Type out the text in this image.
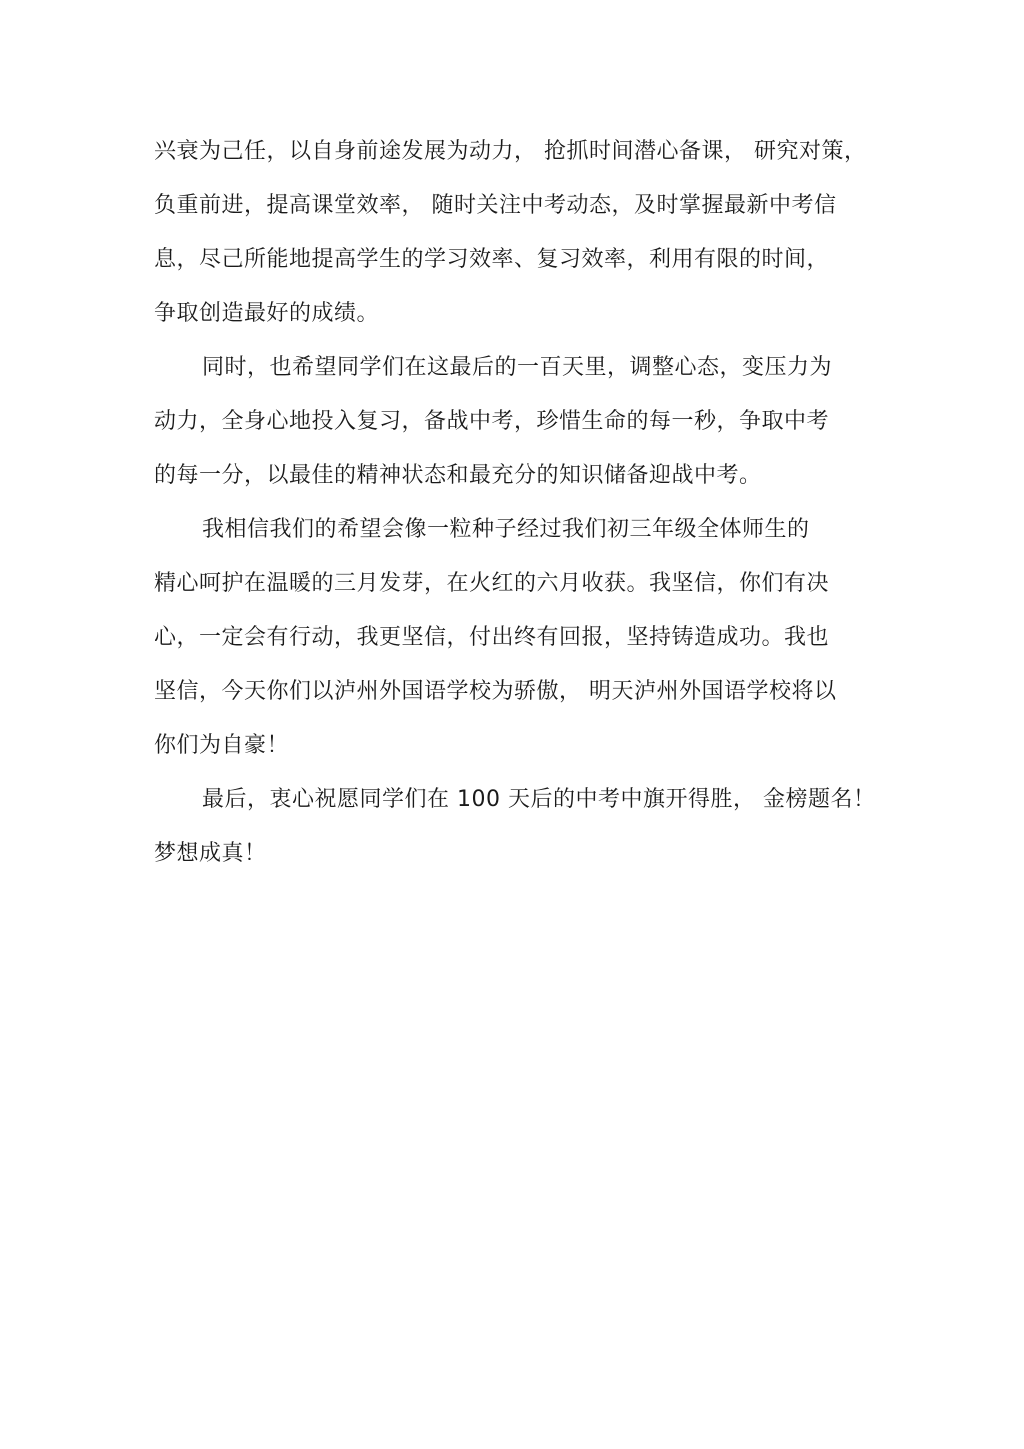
兴衰为己任，以自身前途发展为动力， 抢抓时间潜心备课， 研究对策，
负重前进，提高课堂效率， 随时关注中考动态，及时掌握最新中考信
息，尽己所能地提高学生的学习效率、复习效率，利用有限的时间，
争取创造最好的成绩。
同时，也希望同学们在这最后的一百天里，调整心态，变压力为
动力，全身心地投入复习，备战中考，珍惜生命的每一秒，争取中考
的每一分，以最佳的精神状态和最充分的知识储备迎战中考。
我相信我们的希望会像一粒种子经过我们初三年级全体师生的
精心呵护在温暖的三月发芽，在火红的六月收获。我坚信，你们有决
心，一定会有行动，我更坚信，付出终有回报，坚持铸造成功。我也
坚信，今天你们以泸州外国语学校为骄傲， 明天泸州外国语学校将以
你们为自豪！
最后，衷心祝愿同学们在 100 天后的中考中旗开得胜， 金榜题名！
梦想成真！
